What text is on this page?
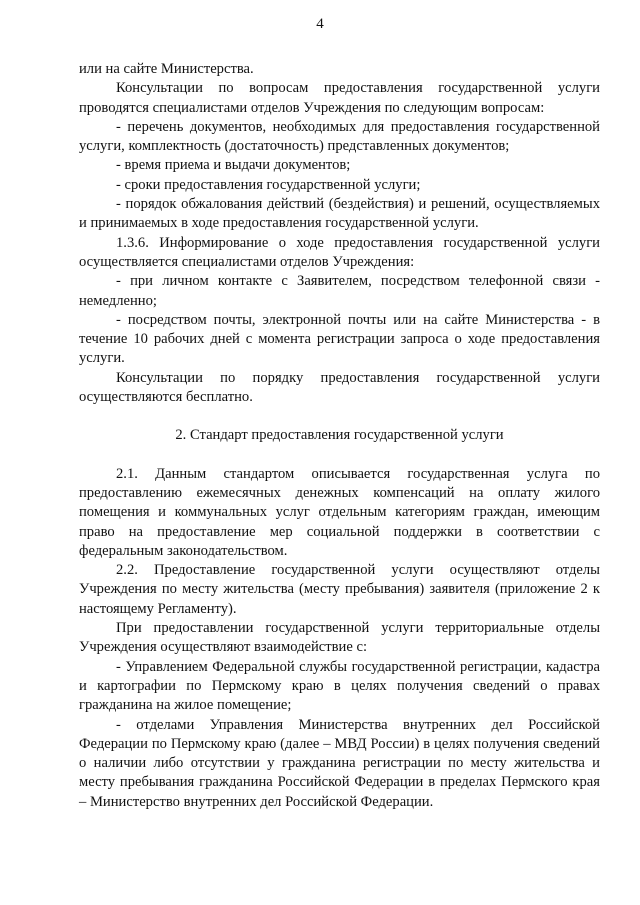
4

или на сайте Министерства.

Консультации по вопросам предоставления государственной услуги проводятся специалистами отделов Учреждения по следующим вопросам:

- перечень документов, необходимых для предоставления государственной услуги, комплектность (достаточность) представленных документов;

- время приема и выдачи документов;

- сроки предоставления государственной услуги;

- порядок обжалования действий (бездействия) и решений, осуществляемых и принимаемых в ходе предоставления государственной услуги.

1.3.6. Информирование о ходе предоставления государственной услуги осуществляется специалистами отделов Учреждения:

- при личном контакте с Заявителем, посредством телефонной связи - немедленно;

- посредством почты, электронной почты или на сайте Министерства - в течение 10 рабочих дней с момента регистрации запроса о ходе предоставления услуги.

Консультации по порядку предоставления государственной услуги осуществляются бесплатно.

2. Стандарт предоставления государственной услуги

2.1. Данным стандартом описывается государственная услуга по предоставлению ежемесячных денежных компенсаций на оплату жилого помещения и коммунальных услуг отдельным категориям граждан, имеющим право на предоставление мер социальной поддержки в соответствии с федеральным законодательством.

2.2. Предоставление государственной услуги осуществляют отделы Учреждения по месту жительства (месту пребывания) заявителя (приложение 2 к настоящему Регламенту).

При предоставлении государственной услуги территориальные отделы Учреждения осуществляют взаимодействие с:

- Управлением Федеральной службы государственной регистрации, кадастра и картографии по Пермскому краю в целях получения сведений о правах гражданина на жилое помещение;

- отделами Управления Министерства внутренних дел Российской Федерации по Пермскому краю (далее – МВД России) в целях получения сведений о наличии либо отсутствии у гражданина регистрации по месту жительства и месту пребывания гражданина Российской Федерации в пределах Пермского края – Министерство внутренних дел Российской Федерации.
